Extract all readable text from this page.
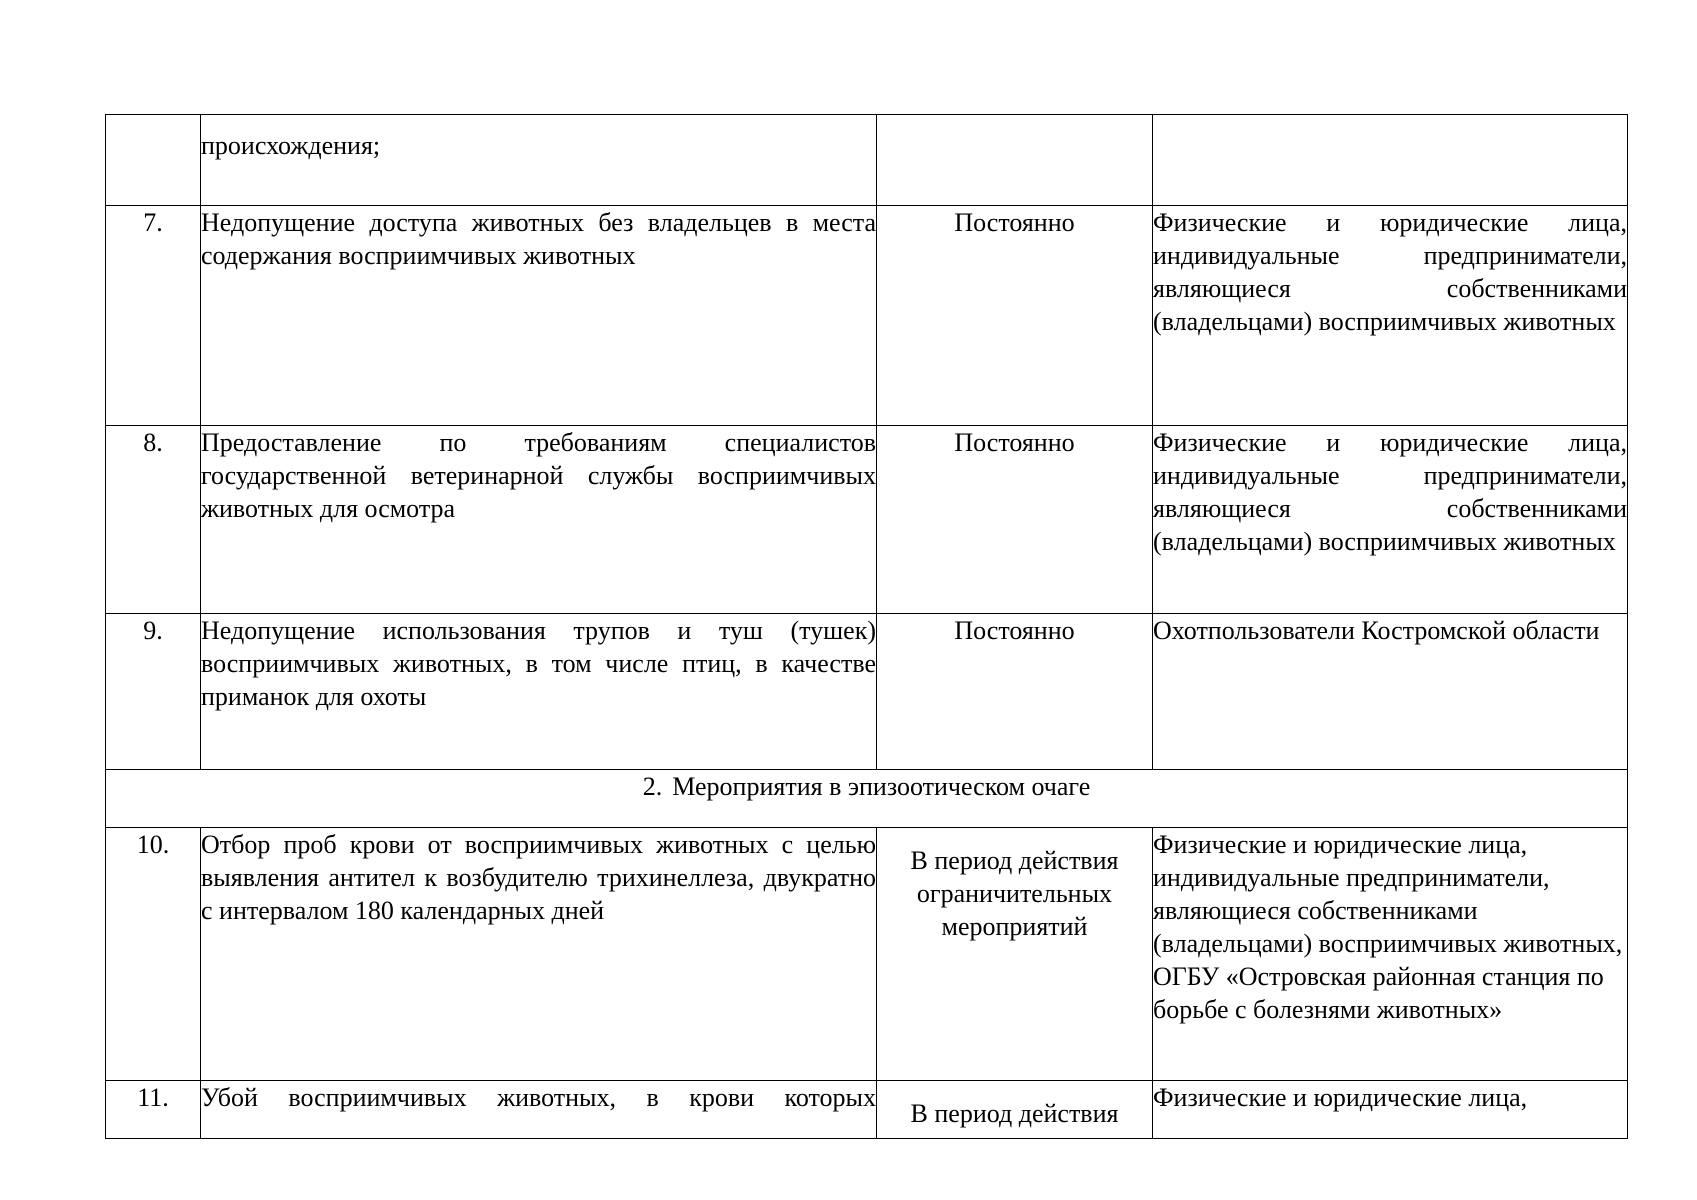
	происхождения;		
7.	Недопущение доступа животных без владельцев в места содержания восприимчивых животных	Постоянно	Физические и юридические лица, индивидуальные предприниматели, являющиеся собственниками (владельцами) восприимчивых животных
8.	Предоставление по требованиям специалистов государственной ветеринарной службы восприимчивых животных для осмотра	Постоянно	Физические и юридические лица, индивидуальные предприниматели, являющиеся собственниками (владельцами) восприимчивых животных
9.	Недопущение использования трупов и туш (тушек) восприимчивых животных, в том числе птиц, в качестве приманок для охоты	Постоянно	Охотпользователи Костромской области
2. Мероприятия в эпизоотическом очаге			
10.	Отбор проб крови от восприимчивых животных с целью выявления антител к возбудителю трихинеллеза, двукратно с интервалом 180 календарных дней	В период действия ограничительных мероприятий	Физические и юридические лица, индивидуальные предприниматели, являющиеся собственниками (владельцами) восприимчивых животных, ОГБУ «Островская районная станция по борьбе с болезнями животных»
11.	Убой восприимчивых животных, в крови которых	В период действия	Физические и юридические лица,
